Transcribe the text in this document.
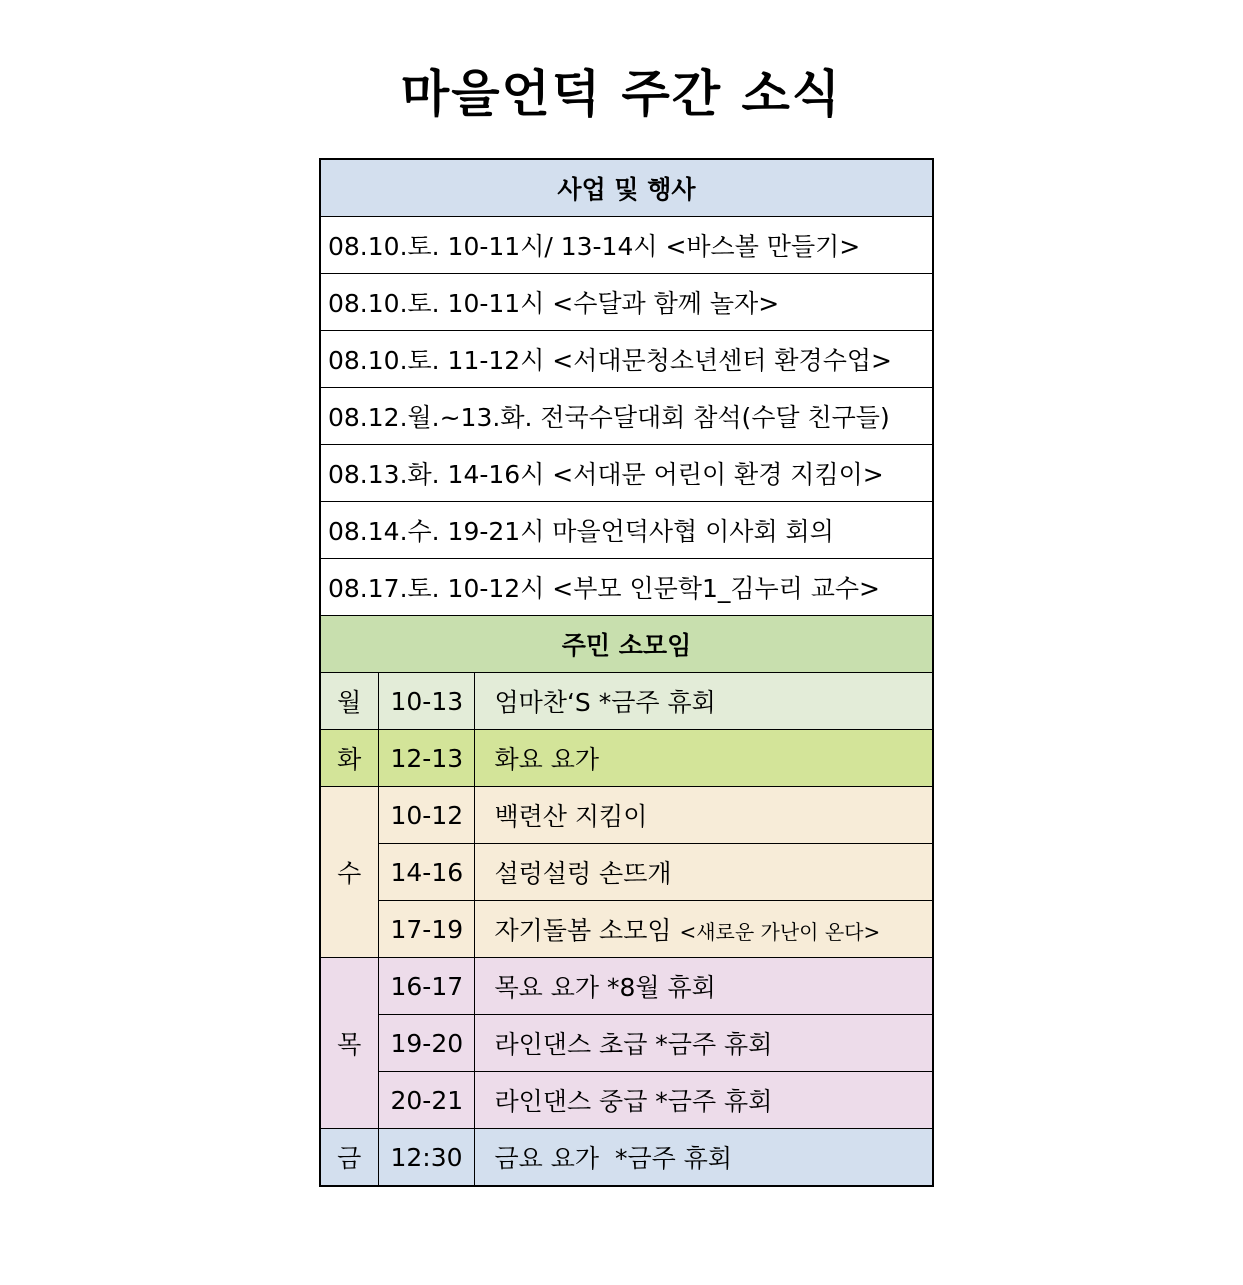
마을언덕 주간 소식
사업 및 행사		
08.10.토. 10-11시/ 13-14시 <바스볼 만들기>		
08.10.토. 10-11시 <수달과 함께 놀자>		
08.10.토. 11-12시 <서대문청소년센터 환경수업>		
08.12.월.~13.화. 전국수달대회 참석(수달 친구들)		
08.13.화. 14-16시 <서대문 어린이 환경 지킴이>		
08.14.수. 19-21시 마을언덕사협 이사회 회의		
08.17.토. 10-12시 <부모 인문학1_김누리 교수>		
주민 소모임		
월	10-13	엄마찬‘S *금주 휴회
화	12-13	화요 요가
수	10-12	백련산 지킴이
	14-16	설렁설렁 손뜨개
	17-19	자기돌봄 소모임 <새로운 가난이 온다>
목	16-17	목요 요가 *8월 휴회
	19-20	라인댄스 초급 *금주 휴회
	20-21	라인댄스 중급 *금주 휴회
금	12:30	금요 요가  *금주 휴회
